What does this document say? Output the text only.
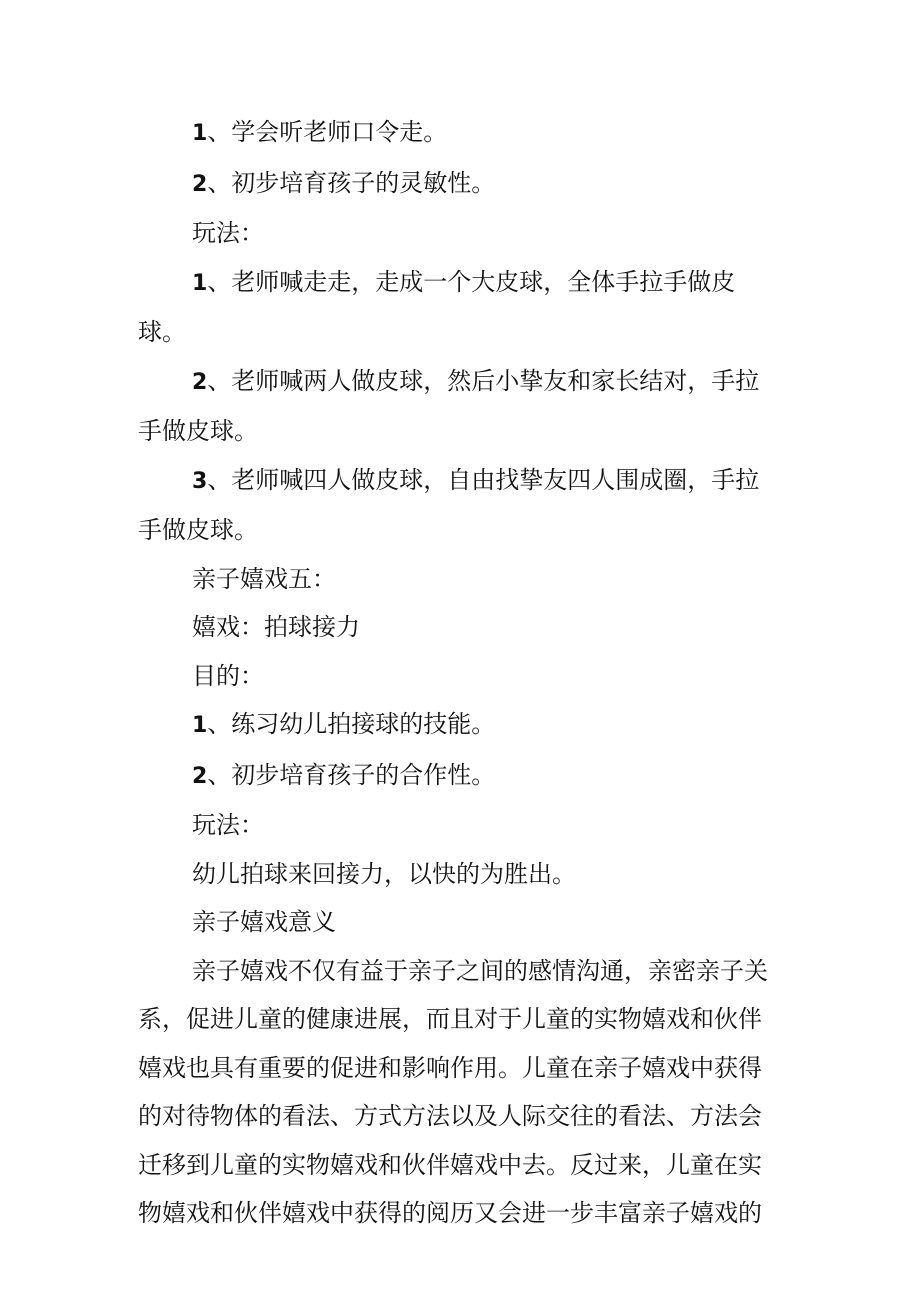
1、学会听老师口令走。

2、初步培育孩子的灵敏性。

玩法：

1、老师喊走走，走成一个大皮球，全体手拉手做皮球。

2、老师喊两人做皮球，然后小挚友和家长结对，手拉手做皮球。

3、老师喊四人做皮球，自由找挚友四人围成圈，手拉手做皮球。

亲子嬉戏五：

嬉戏：拍球接力

目的：

1、练习幼儿拍接球的技能。

2、初步培育孩子的合作性。

玩法：

幼儿拍球来回接力，以快的为胜出。

亲子嬉戏意义

亲子嬉戏不仅有益于亲子之间的感情沟通，亲密亲子关系，促进儿童的健康进展，而且对于儿童的实物嬉戏和伙伴嬉戏也具有重要的促进和影响作用。儿童在亲子嬉戏中获得的对待物体的看法、方式方法以及人际交往的看法、方法会迁移到儿童的实物嬉戏和伙伴嬉戏中去。反过来，儿童在实物嬉戏和伙伴嬉戏中获得的阅历又会进一步丰富亲子嬉戏的
